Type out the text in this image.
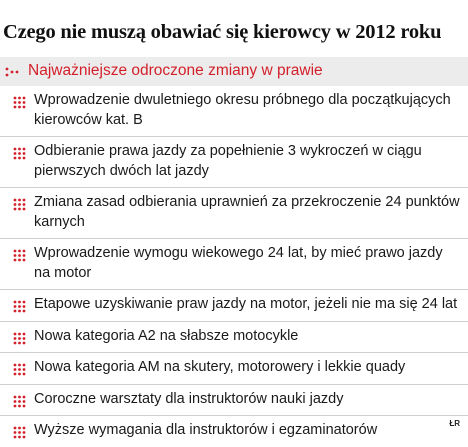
Czego nie muszą obawiać się kierowcy w 2012 roku
Najważniejsze odroczone zmiany w prawie
Wprowadzenie dwuletniego okresu próbnego dla początkujących kierowców kat. B
Odbieranie prawa jazdy za popełnienie 3 wykroczeń w ciągu pierwszych dwóch lat jazdy
Zmiana zasad odbierania uprawnień za przekroczenie 24 punktów karnych
Wprowadzenie wymogu wiekowego 24 lat, by mieć prawo jazdy na motor
Etapowe uzyskiwanie praw jazdy na motor, jeżeli nie ma się 24 lat
Nowa kategoria A2 na słabsze motocykle
Nowa kategoria AM na skutery, motorowery i lekkie quady
Coroczne warsztaty dla instruktorów nauki jazdy
Wyższe wymagania dla instruktorów i egzaminatorów	ŁR
